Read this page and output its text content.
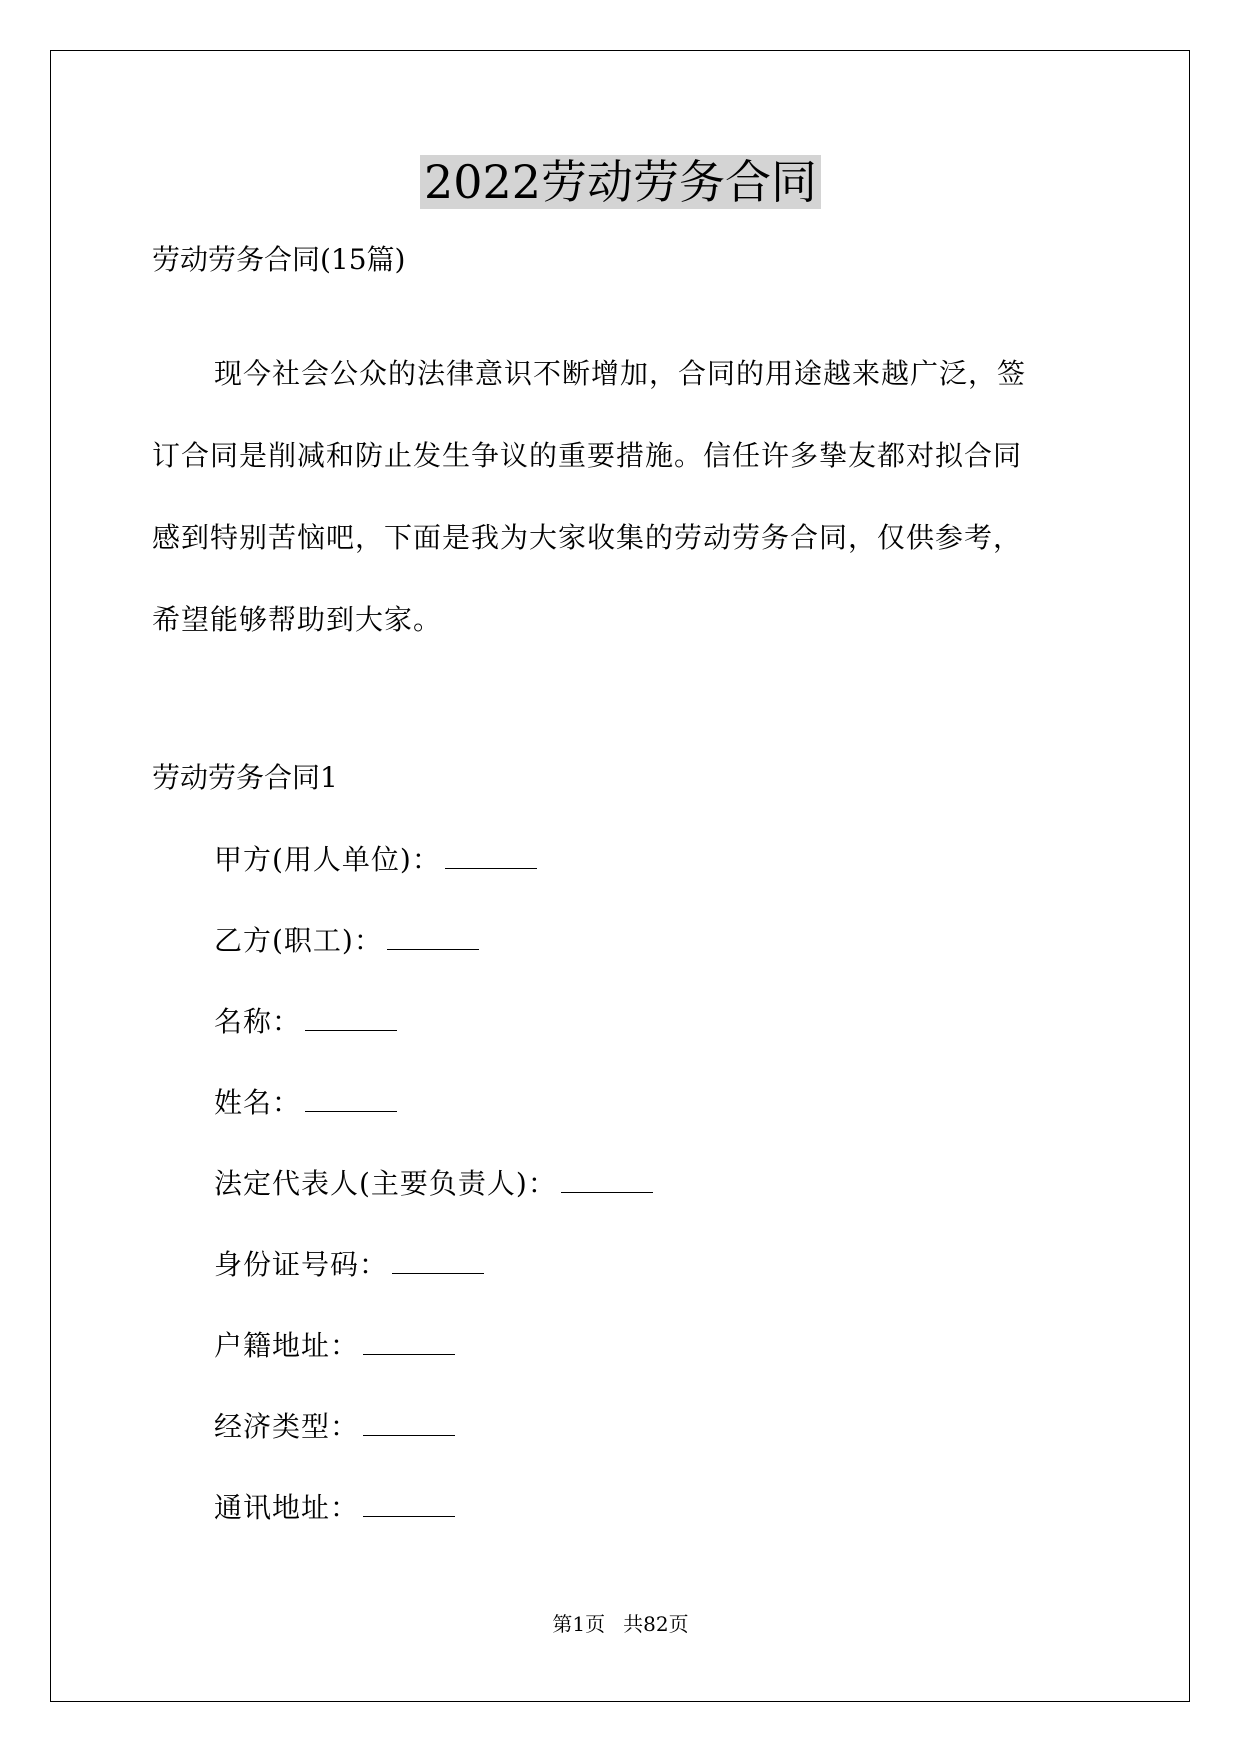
2022劳动劳务合同
劳动劳务合同(15篇)
现今社会公众的法律意识不断增加，合同的用途越来越广泛，签
订合同是削减和防止发生争议的重要措施。信任许多挚友都对拟合同
感到特别苦恼吧，下面是我为大家收集的劳动劳务合同，仅供参考，
希望能够帮助到大家。
劳动劳务合同1
甲方(用人单位)：
乙方(职工)：
名称：
姓名：
法定代表人(主要负责人)：
身份证号码：
户籍地址：
经济类型：
通讯地址：
第1页 共82页
